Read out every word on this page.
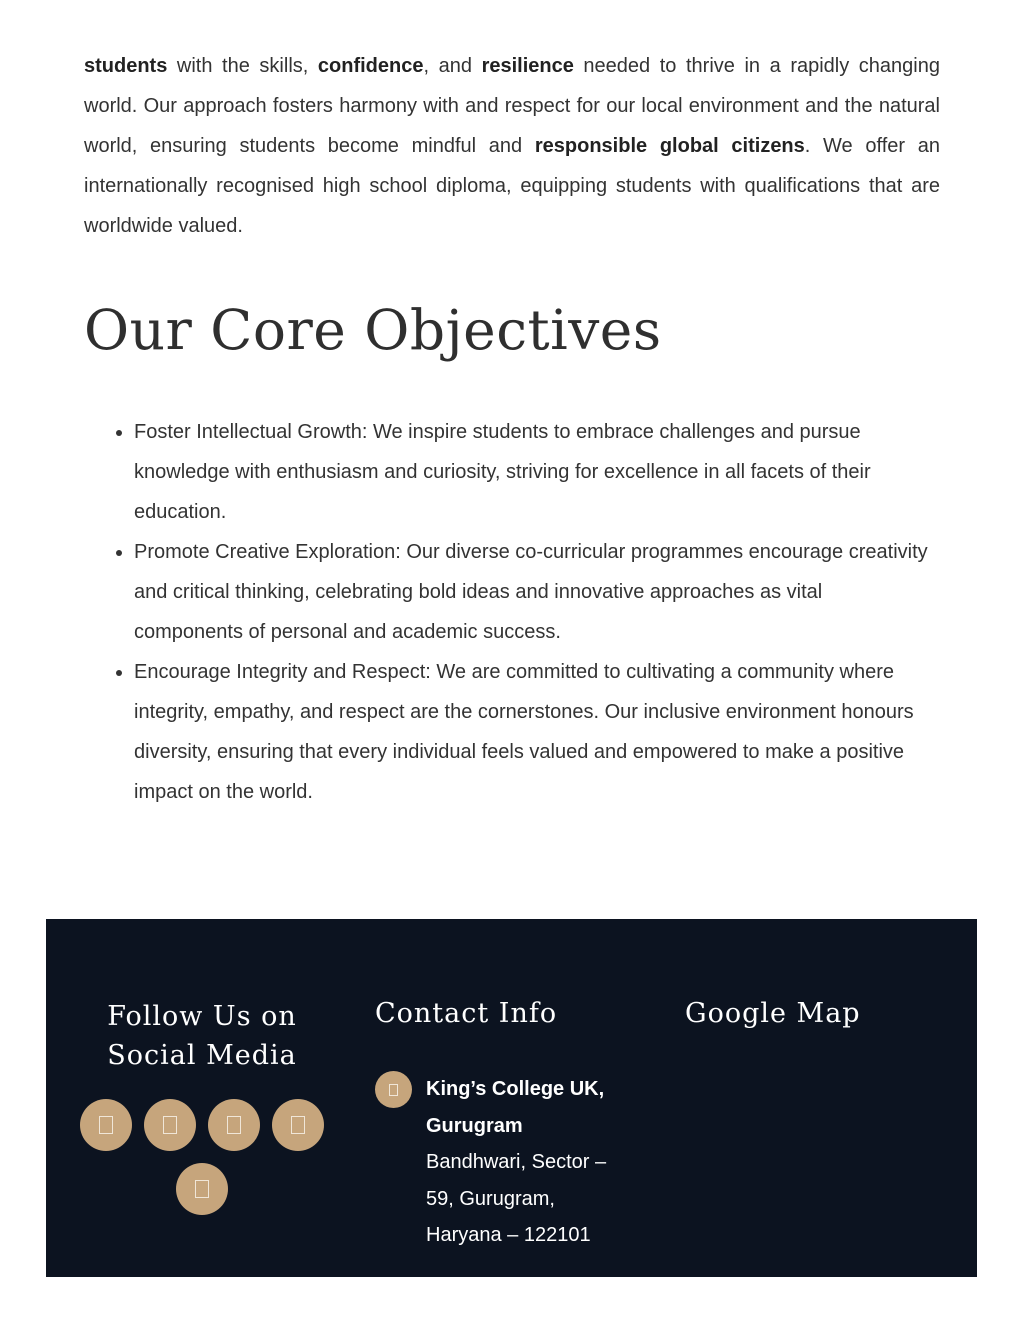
students with the skills, confidence, and resilience needed to thrive in a rapidly changing world. Our approach fosters harmony with and respect for our local environment and the natural world, ensuring students become mindful and responsible global citizens. We offer an internationally recognised high school diploma, equipping students with qualifications that are worldwide valued.

Our Core Objectives
• Foster Intellectual Growth: We inspire students to embrace challenges and pursue knowledge with enthusiasm and curiosity, striving for excellence in all facets of their education.
• Promote Creative Exploration: Our diverse co-curricular programmes encourage creativity and critical thinking, celebrating bold ideas and innovative approaches as vital components of personal and academic success.
• Encourage Integrity and Respect: We are committed to cultivating a community where integrity, empathy, and respect are the cornerstones. Our inclusive environment honours diversity, ensuring that every individual feels valued and empowered to make a positive impact on the world.
Follow Us on Social Media
Contact Info
King’s College UK, Gurugram
Bandhwari, Sector – 59, Gurugram, Haryana – 122101
Google Map
